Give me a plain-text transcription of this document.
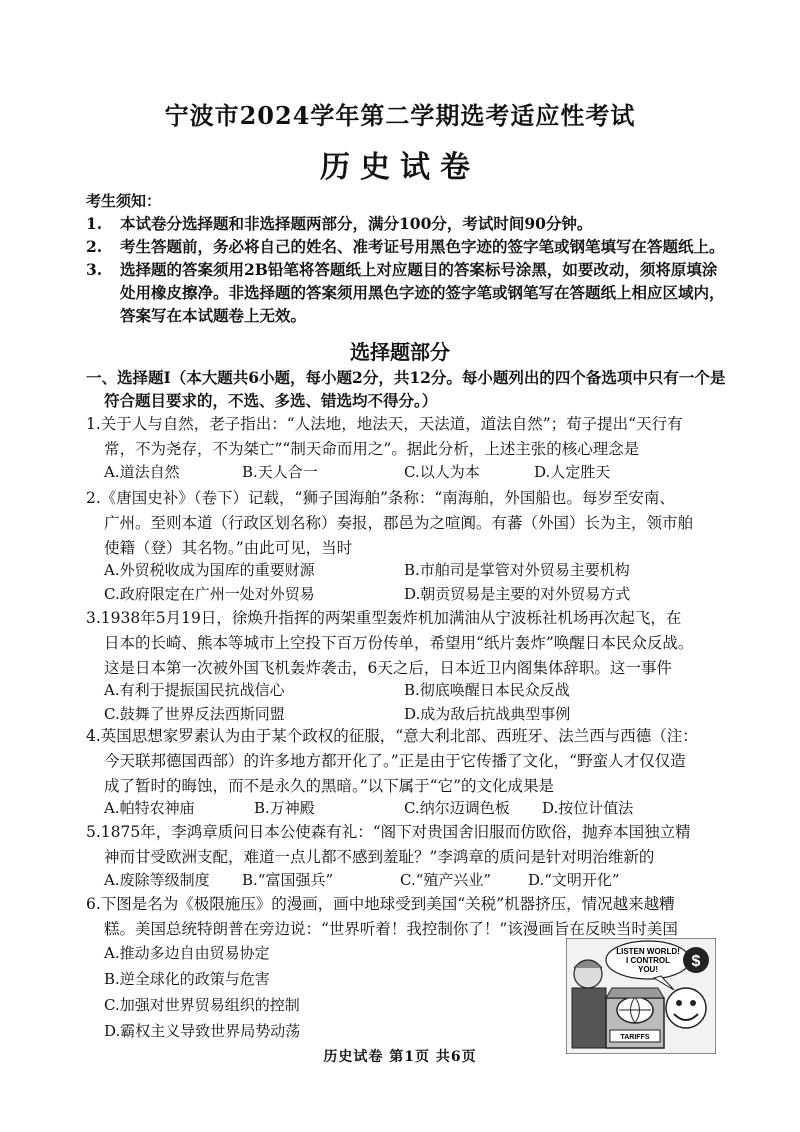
宁波市2024学年第二学期选考适应性考试
历史试卷
考生须知：
1. 本试卷分选择题和非选择题两部分，满分100分，考试时间90分钟。
2. 考生答题前，务必将自己的姓名、准考证号用黑色字迹的签字笔或钢笔填写在答题纸上。
3. 选择题的答案须用2B铅笔将答题纸上对应题目的答案标号涂黑，如要改动，须将原填涂处用橡皮擦净。非选择题的答案须用黑色字迹的签字笔或钢笔写在答题纸上相应区域内，答案写在本试题卷上无效。
选择题部分
一、选择题Ⅰ（本大题共6小题，每小题2分，共12分。每小题列出的四个备选项中只有一个是
符合题目要求的，不选、多选、错选均不得分。）
1.关于人与自然，老子指出：“人法地，地法天，天法道，道法自然”；荀子提出“天行有
常，不为尧存，不为桀亡”“制天命而用之”。据此分析，上述主张的核心理念是
A.道法自然	B.天人合一	C.以人为本	D.人定胜天
2.《唐国史补》（卷下）记载，“狮子国海舶”条称：“南海舶，外国船也。每岁至安南、
广州。至则本道（行政区划名称）奏报，郡邑为之喧阗。有蕃（外国）长为主，领市舶
使籍（登）其名物。”由此可见，当时
A.外贸税收成为国库的重要财源	B.市舶司是掌管对外贸易主要机构
C.政府限定在广州一处对外贸易	D.朝贡贸易是主要的对外贸易方式
3.1938年5月19日，徐焕升指挥的两架重型轰炸机加满油从宁波栎社机场再次起飞，在
日本的长崎、熊本等城市上空投下百万份传单，希望用“纸片轰炸”唤醒日本民众反战。
这是日本第一次被外国飞机轰炸袭击，6天之后，日本近卫内阁集体辞职。这一事件
A.有利于提振国民抗战信心	B.彻底唤醒日本民众反战
C.鼓舞了世界反法西斯同盟	D.成为敌后抗战典型事例
4.英国思想家罗素认为由于某个政权的征服，“意大利北部、西班牙、法兰西与西德（注：
今天联邦德国西部）的许多地方都开化了。”正是由于它传播了文化，“野蛮人才仅仅造
成了暂时的晦蚀，而不是永久的黑暗。”以下属于“它”的文化成果是
A.帕特农神庙	B.万神殿	C.纳尔迈调色板 D.按位计值法
5.1875年，李鸿章质问日本公使森有礼：“阁下对贵国舍旧服而仿欧俗，抛弃本国独立精
神而甘受欧洲支配，难道一点儿都不感到羞耻？”李鸿章的质问是针对明治维新的
A.废除等级制度 B.“富国强兵”	C.“殖产兴业” D.“文明开化”
6.下图是名为《极限施压》的漫画，画中地球受到美国“关税”机器挤压，情况越来越糟
糕。美国总统特朗普在旁边说：“世界听着！我控制你了！”该漫画旨在反映当时美国
A.推动多边自由贸易协定
B.逆全球化的政策与危害
C.加强对世界贸易组织的控制
D.霸权主义导致世界局势动荡
LISTEN WORLD!
I CONTROL
YOU! $
TARIFFS
历史试卷 第1页 共6页
